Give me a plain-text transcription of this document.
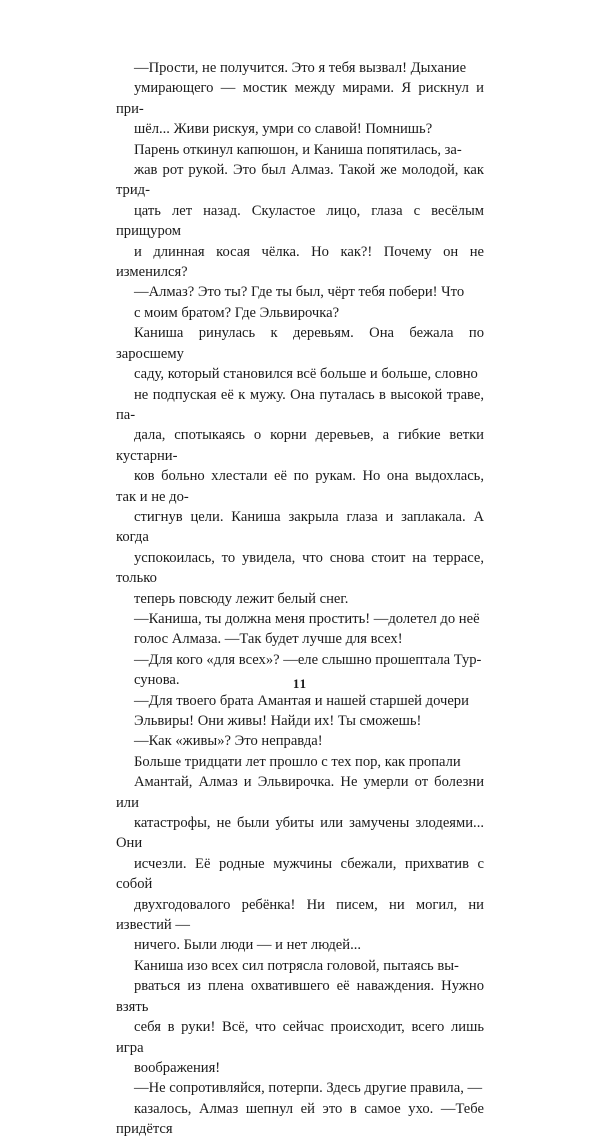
—Прости, не получится. Это я тебя вызвал! Дыхание
умирающего — мостик между мирами. Я рискнул и при-
шёл... Живи рискуя, умри со славой! Помнишь?

Парень откинул капюшон, и Каниша попятилась, за-
жав рот рукой. Это был Алмаз. Такой же молодой, как трид-
цать лет назад. Скуластое лицо, глаза с весёлым прищуром
и длинная косая чёлка. Но как?! Почему он не изменился?

—Алмаз? Это ты? Где ты был, чёрт тебя побери! Что
с моим братом? Где Эльвирочка?

Каниша ринулась к деревьям. Она бежала по заросшему
саду, который становился всё больше и больше, словно
не подпуская её к мужу. Она путалась в высокой траве, па-
дала, спотыкаясь о корни деревьев, а гибкие ветки кустарни-
ков больно хлестали её по рукам. Но она выдохлась, так и не до-
стигнув цели. Каниша закрыла глаза и заплакала. А когда
успокоилась, то увидела, что снова стоит на террасе, только
теперь повсюду лежит белый снег.

—Каниша, ты должна меня простить! —долетел до неё
голос Алмаза. —Так будет лучше для всех!

—Для кого «для всех»? —еле слышно прошептала Тур-
сунова.

—Для твоего брата Амантая и нашей старшей дочери
Эльвиры! Они живы! Найди их! Ты сможешь!

—Как «живы»? Это неправда!

Больше тридцати лет прошло с тех пор, как пропали
Амантай, Алмаз и Эльвирочка. Не умерли от болезни или
катастрофы, не были убиты или замучены злодеями... Они
исчезли. Её родные мужчины сбежали, прихватив с собой
двухгодовалого ребёнка! Ни писем, ни могил, ни известий —
ничего. Были люди — и нет людей...

Каниша изо всех сил потрясла головой, пытаясь вы-
рваться из плена охватившего её наваждения. Нужно взять
себя в руки! Всё, что сейчас происходит, всего лишь игра
воображения!

—Не сопротивляйся, потерпи. Здесь другие правила, —
казалось, Алмаз шепнул ей это в самое ухо. —Тебе придётся

11
